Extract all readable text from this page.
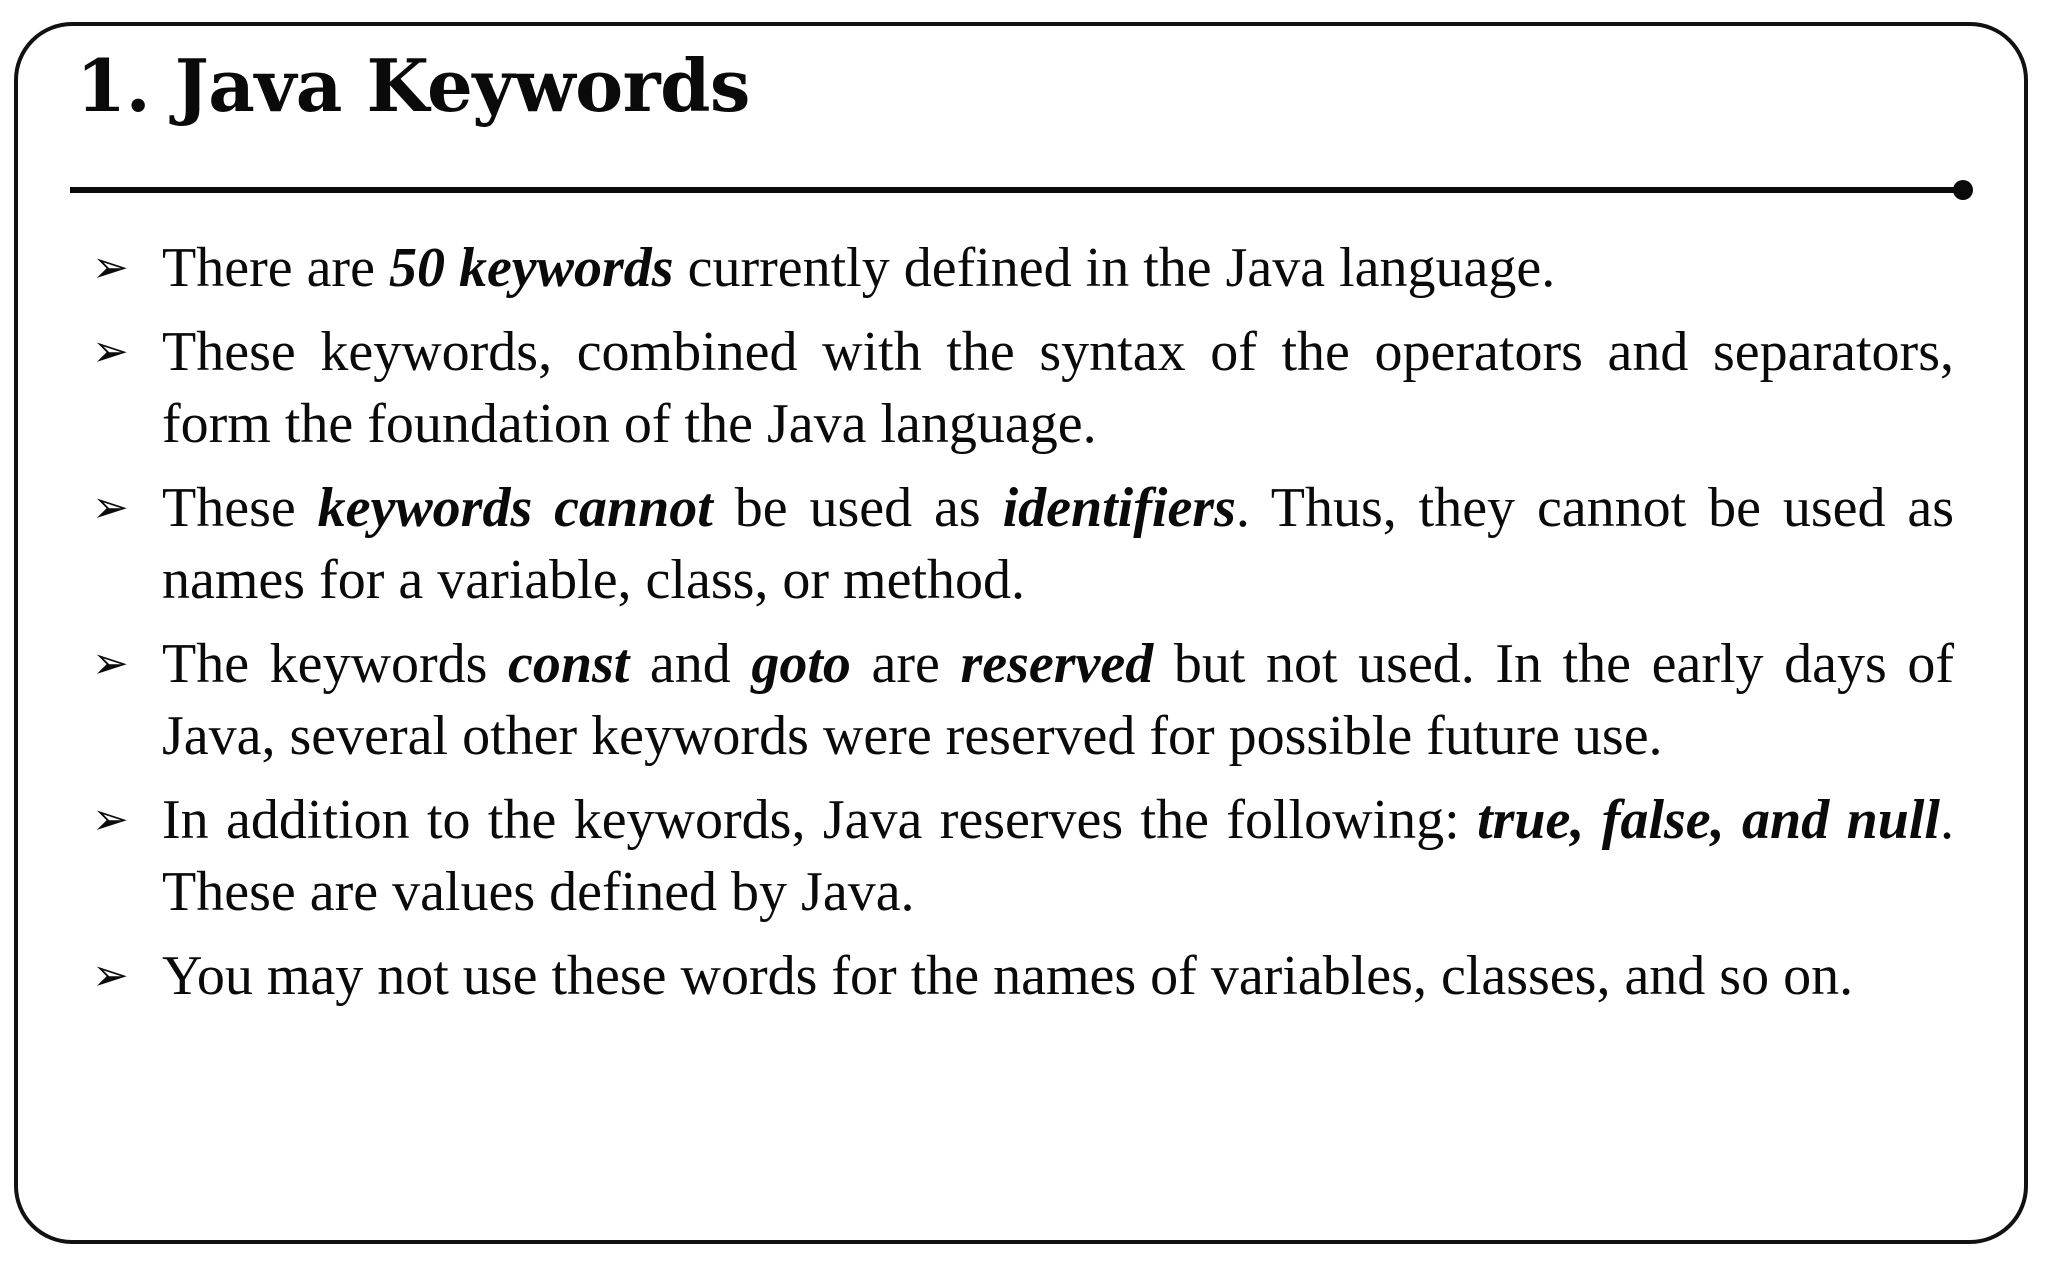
1. Java Keywords
➢ There are 50 keywords currently defined in the Java language.
➢ These keywords, combined with the syntax of the operators and separators, form the foundation of the Java language.
➢ These keywords cannot be used as identifiers. Thus, they cannot be used as names for a variable, class, or method.
➢ The keywords const and goto are reserved but not used. In the early days of Java, several other keywords were reserved for possible future use.
➢ In addition to the keywords, Java reserves the following: true, false, and null. These are values defined by Java.
➢ You may not use these words for the names of variables, classes, and so on.
